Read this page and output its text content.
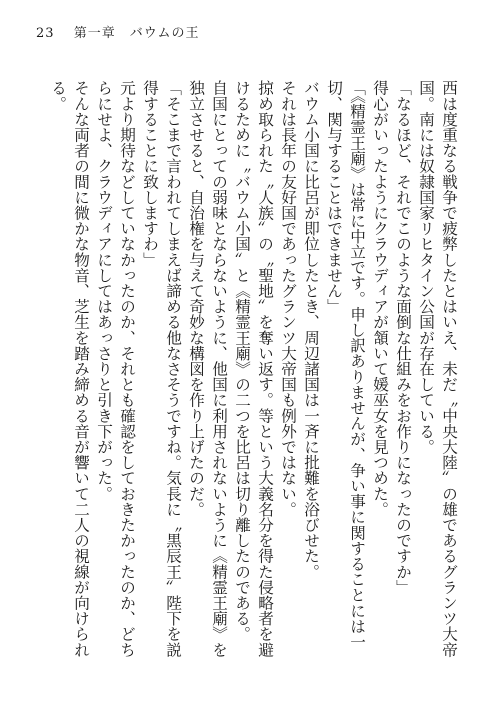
23 第一章　バウムの王

西は度重なる戦争で疲弊したとはいえ、未だ〝中央大陸〟の雄であるグランツ大帝国。南には奴隷国家リヒタイン公国が存在している。

「なるほど、それでこのような面倒な仕組みをお作りになったのですか」

得心がいったようにクラウディアが頷いて媛巫女を見つめた。

「《精霊王廟》は常に中立です。申し訳ありませんが、争い事に関することには一切、関与することはできません」

バウム小国に比呂が即位したとき、周辺諸国は一斉に批難を浴びせた。

それは長年の友好国であったグランツ大帝国も例外ではない。

掠め取られた〝人族〟の〝聖地〟を奪い返す。等という大義名分を得た侵略者を避けるために〝バウム小国〟と《精霊王廟》の二つを比呂は切り離したのである。

自国にとっての弱味とならないように、他国に利用されないように《精霊王廟》を独立させると、自治権を与えて奇妙な構図を作り上げたのだ。

「そこまで言われてしまえば諦める他なさそうですね。気長に〝黒辰王〟陛下を説得することに致しますわ」

元より期待などしていなかったのか、それとも確認をしておきたかったのか、どちらにせよ、クラウディアにしてはあっさりと引き下がった。

そんな両者の間に微かな物音、芝生を踏み締める音が響いて二人の視線が向けられる。
